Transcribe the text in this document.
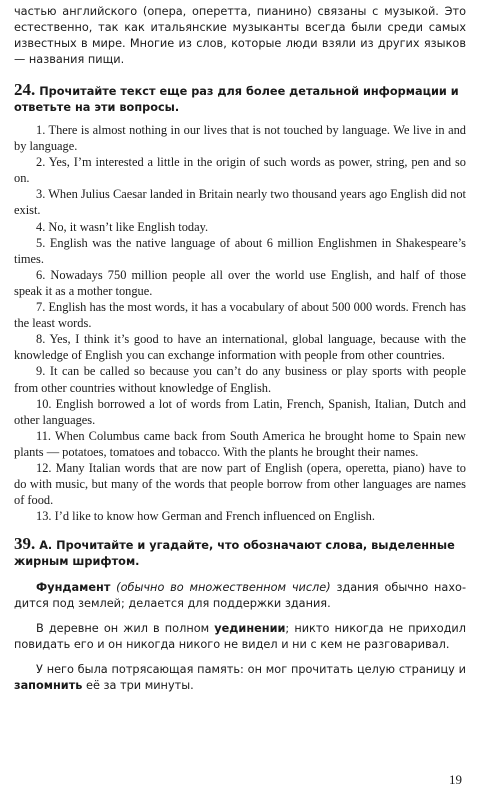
частью английского (опера, оперетта, пианино) связаны с музыкой. Это естественно, так как итальянские музыканты всегда были среди самых известных в мире. Многие из слов, которые люди взяли из других языков — названия пищи.

24. Прочитайте текст еще раз для более детальной информации и ответьте на эти вопросы.

1. There is almost nothing in our lives that is not touched by language. We live in and by language.

2. Yes, I’m interested a little in the origin of such words as power, string, pen and so on.

3. When Julius Caesar landed in Britain nearly two thousand years ago English did not exist.

4. No, it wasn’t like English today.

5. English was the native language of about 6 million Englishmen in Shakespeare’s times.

6. Nowadays 750 million people all over the world use English, and half of those speak it as a mother tongue.

7. English has the most words, it has a vocabulary of about 500 000 words. French has the least words.

8. Yes, I think it’s good to have an international, global language, because with the knowledge of English you can exchange information with people from other countries.

9. It can be called so because you can’t do any business or play sports with people from other countries without knowledge of English.

10. English borrowed a lot of words from Latin, French, Spanish, Italian, Dutch and other languages.

11. When Columbus came back from South America he brought home to Spain new plants — potatoes, tomatoes and tobacco. With the plants he brought their names.

12. Many Italian words that are now part of English (opera, operetta, piano) have to do with music, but many of the words that people borrow from other languages are names of food.

13. I’d like to know how German and French influenced on English.

39. А. Прочитайте и угадайте, что обозначают слова, выделенные жирным шрифтом.

Фундамент (обычно во множественном числе) здания обычно находится под землей; делается для поддержки здания.

В деревне он жил в полном уединении; никто никогда не приходил повидать его и он никогда никого не видел и ни с кем не разговаривал.

У него была потрясающая память: он мог прочитать целую страницу и запомнить её за три минуты.

19
